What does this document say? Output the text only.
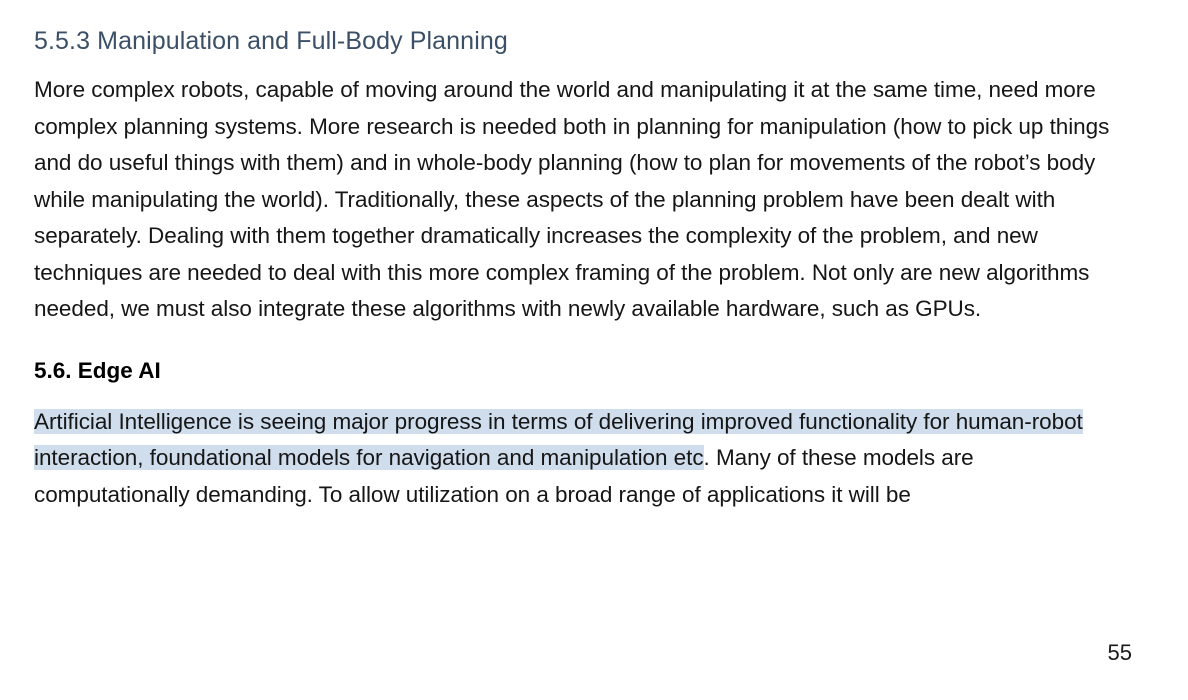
5.5.3 Manipulation and Full-Body Planning

More complex robots, capable of moving around the world and manipulating it at the same time, need more complex planning systems. More research is needed both in planning for manipulation (how to pick up things and do useful things with them) and in whole-body planning (how to plan for movements of the robot’s body while manipulating the world). Traditionally, these aspects of the planning problem have been dealt with separately. Dealing with them together dramatically increases the complexity of the problem, and new techniques are needed to deal with this more complex framing of the problem. Not only are new algorithms needed, we must also integrate these algorithms with newly available hardware, such as GPUs.

5.6. Edge AI

Artificial Intelligence is seeing major progress in terms of delivering improved functionality for human-robot interaction, foundational models for navigation and manipulation etc. Many of these models are computationally demanding. To allow utilization on a broad range of applications it will be

55
